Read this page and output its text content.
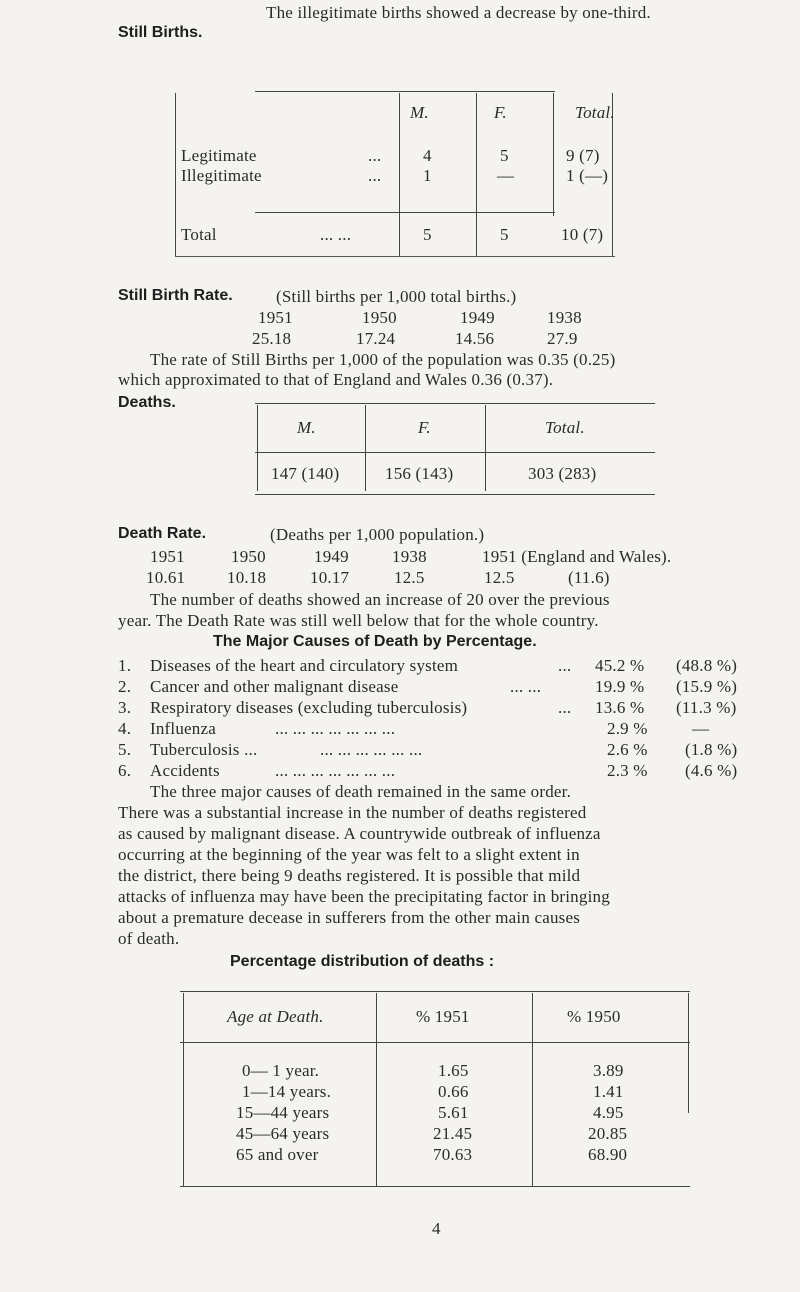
The illegitimate births showed a decrease by one-third.
Still Births.
M.	F.	Total.
Legitimate	... 4	5	9 (7)
Illegitimate	... 1	—	1 (—)
Total	... ...	5	5	10 (7)
Still Birth Rate.	(Still births per 1,000 total births.)
1951	1950	1949	1938
25.18	17.24	14.56	27.9
The rate of Still Births per 1,000 of the population was 0.35 (0.25)
which approximated to that of England and Wales 0.36 (0.37).
Deaths.
M.	F.	Total.
147 (140)	156 (143)	303 (283)
Death Rate.	(Deaths per 1,000 population.)
1951	1950	1949	1938	1951 (England and Wales).
10.61 10.18	10.17	12.5	12.5	(11.6)
The number of deaths showed an increase of 20 over the previous
year. The Death Rate was still well below that for the whole country.
The Major Causes of Death by Percentage.
1. Diseases of the heart and circulatory system	... 45.2 % (48.8 %)
2. Cancer and other malignant disease	... ...	19.9 % (15.9 %)
3. Respiratory diseases (excluding tuberculosis)	... 13.6 % (11.3 %)
4. Influenza	... ... ... ... ... ... ...	2.9 %	—
5. Tuberculosis ...	... ... ... ... ... ...	2.6 % (1.8 %)
6. Accidents	... ... ... ... ... ... ...	2.3 % (4.6 %)
The three major causes of death remained in the same order.
There was a substantial increase in the number of deaths registered
as caused by malignant disease. A countrywide outbreak of influenza
occurring at the beginning of the year was felt to a slight extent in
the district, there being 9 deaths registered. It is possible that mild
attacks of influenza may have been the precipitating factor in bringing
about a premature decease in sufferers from the other main causes
of death.
Percentage distribution of deaths :
Age at Death.	% 1951	% 1950
0— 1 year.	1.65	3.89
1—14 years.	0.66	1.41
15—44 years	5.61	4.95
45—64 years	21.45	20.85
65 and over	70.63	68.90
4
